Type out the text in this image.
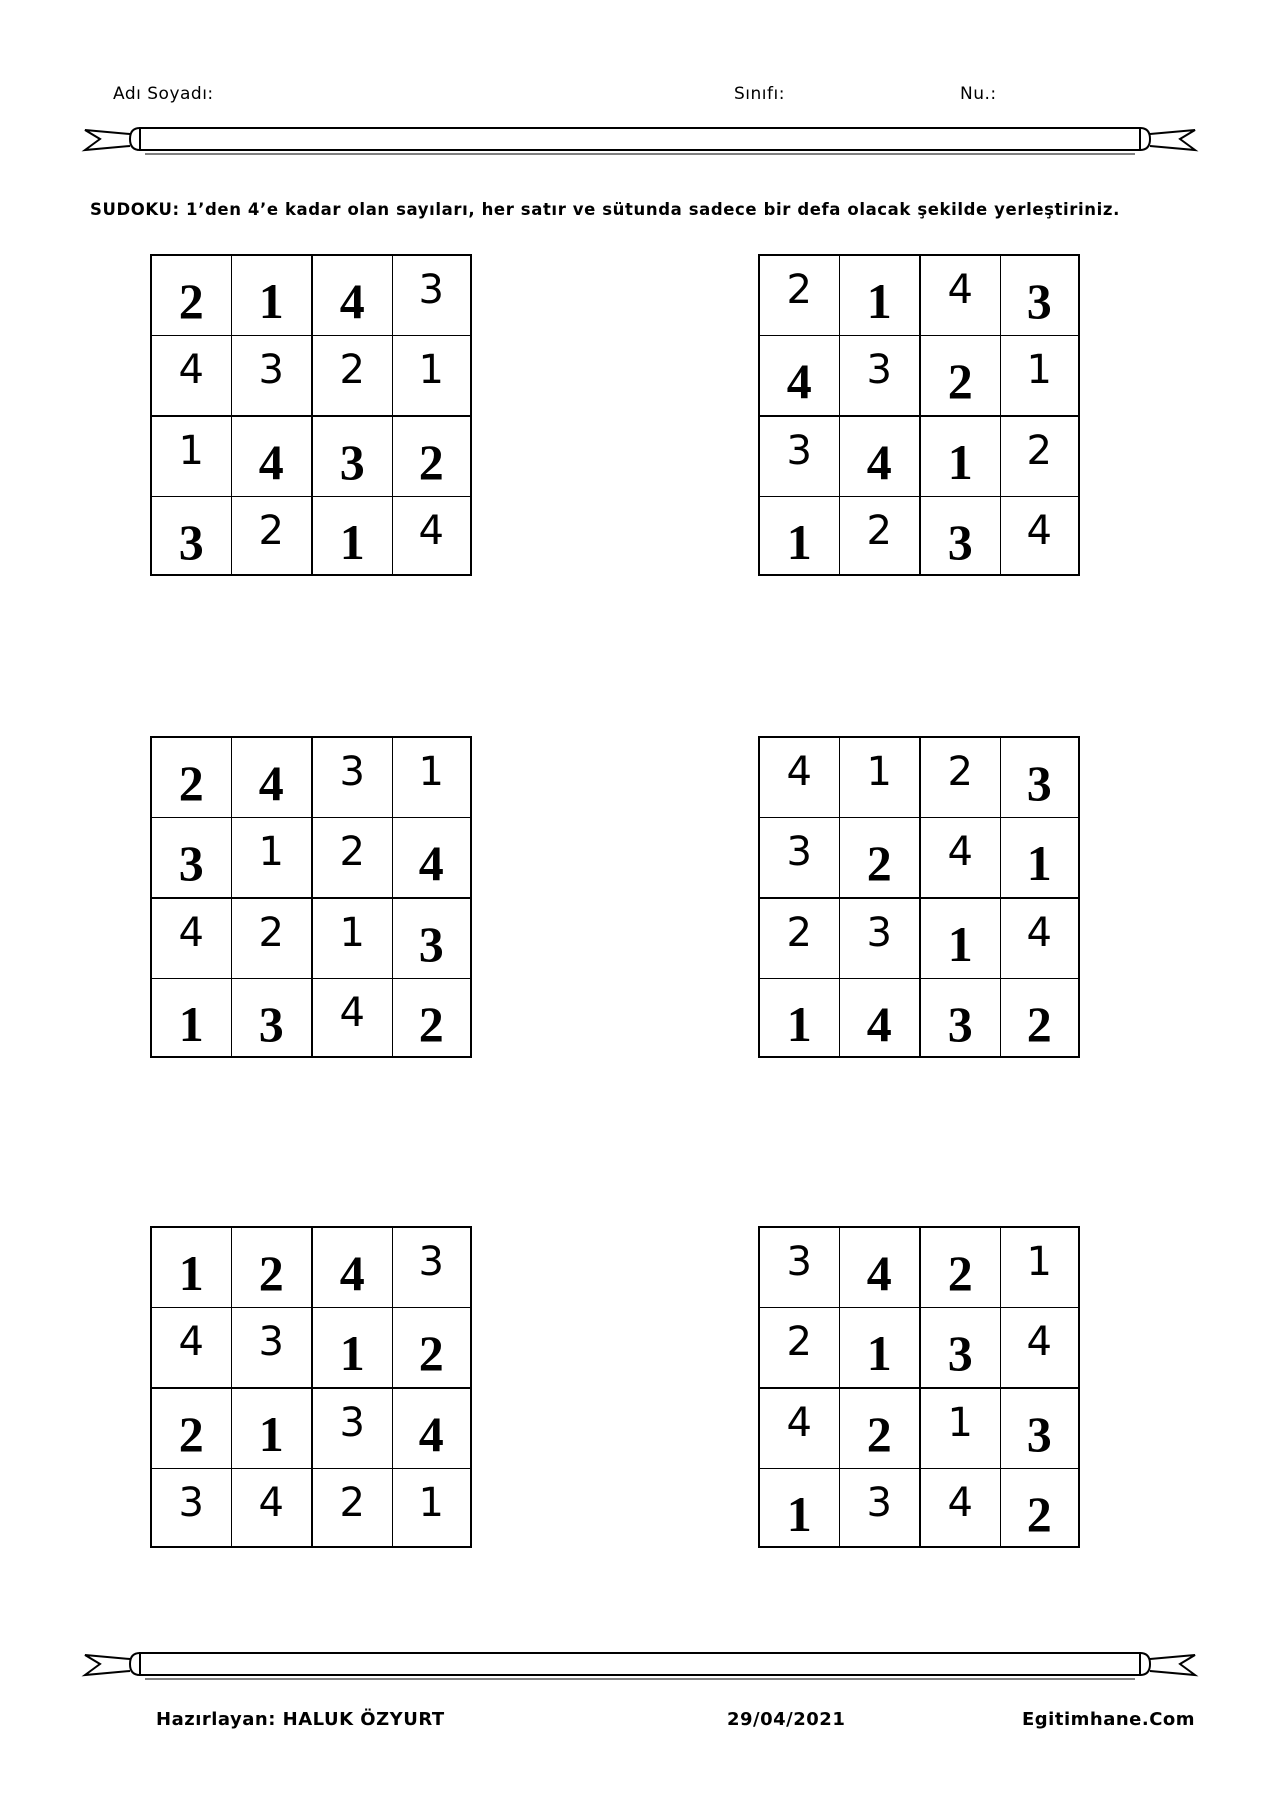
Adı Soyadı:	Sınıfı:	Nu.:
SUDOKU: 1’den 4’e kadar olan sayıları, her satır ve sütunda sadece bir defa olacak şekilde yerleştiriniz.
2	1	4	3
4	3	2	1
1	4	3	2
3	2	1	4
2	1	4	3
4	3	2	1
3	4	1	2
1	2	3	4
2	4	3	1
3	1	2	4
4	2	1	3
1	3	4	2
4	1	2	3
3	2	4	1
2	3	1	4
1	4	3	2
1	2	4	3
4	3	1	2
2	1	3	4
3	4	2	1
3	4	2	1
2	1	3	4
4	2	1	3
1	3	4	2
Hazırlayan: HALUK ÖZYURT	29/04/2021	Egitimhane.Com
